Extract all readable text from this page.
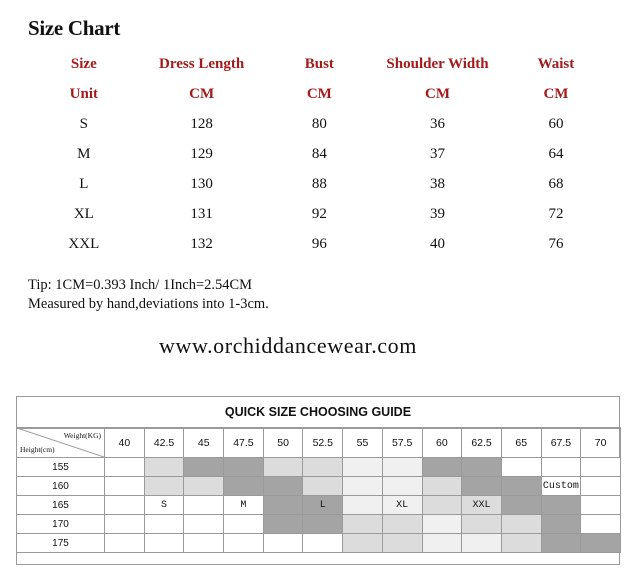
Size Chart
Size	Dress Length	Bust	Shoulder Width	Waist
Unit	CM	CM	CM	CM
S	128	80	36	60
M	129	84	37	64
L	130	88	38	68
XL	131	92	39	72
XXL	132	96	40	76
Tip: 1CM=0.393 Inch/ 1Inch=2.54CM
Measured by hand,deviations into 1-3cm.
www.orchiddancewear.com
QUICK SIZE CHOOSING GUIDE
Weight(KG)
Height(cm)	40	42.5	45	47.5	50	52.5	55	57.5	60	62.5	65	67.5	70
155													
160												Custom	
165		S		M		L		XL		XXL			
170													
175													
